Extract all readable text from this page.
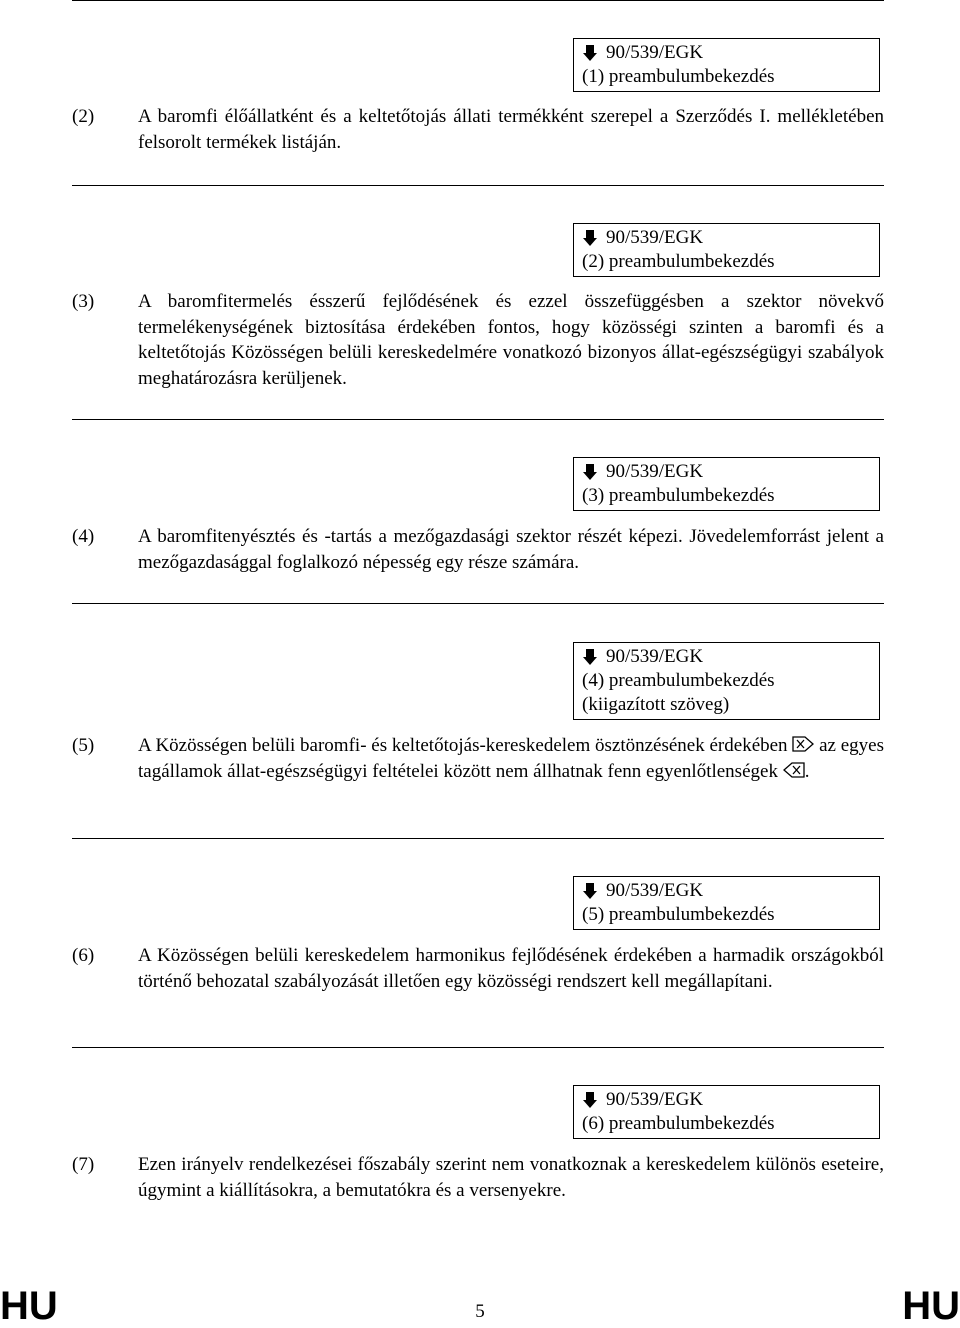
90/539/EGK
(1) preambulumbekezdés
(2) A baromfi élőállatként és a keltetőtojás állati termékként szerepel a Szerződés I. mellékletében felsorolt termékek listáján.
90/539/EGK
(2) preambulumbekezdés
(3) A baromfitermelés ésszerű fejlődésének és ezzel összefüggésben a szektor növekvő termelékenységének biztosítása érdekében fontos, hogy közösségi szinten a baromfi és a keltetőtojás Közösségen belüli kereskedelmére vonatkozó bizonyos állat-egészségügyi szabályok meghatározásra kerüljenek.
90/539/EGK
(3) preambulumbekezdés
(4) A baromfitenyésztés és -tartás a mezőgazdasági szektor részét képezi. Jövedelemforrást jelent a mezőgazdasággal foglalkozó népesség egy része számára.
90/539/EGK
(4) preambulumbekezdés
(kiigazított szöveg)
(5) A Közösségen belüli baromfi- és keltetőtojás-kereskedelem ösztönzésének érdekében az egyes tagállamok állat-egészségügyi feltételei között nem állhatnak fenn egyenlőtlenségek .
90/539/EGK
(5) preambulumbekezdés
(6) A Közösségen belüli kereskedelem harmonikus fejlődésének érdekében a harmadik országokból történő behozatal szabályozását illetően egy közösségi rendszert kell megállapítani.
90/539/EGK
(6) preambulumbekezdés
(7) Ezen irányelv rendelkezései főszabály szerint nem vonatkoznak a kereskedelem különös eseteire, úgymint a kiállításokra, a bemutatókra és a versenyekre.
HU	5	HU
